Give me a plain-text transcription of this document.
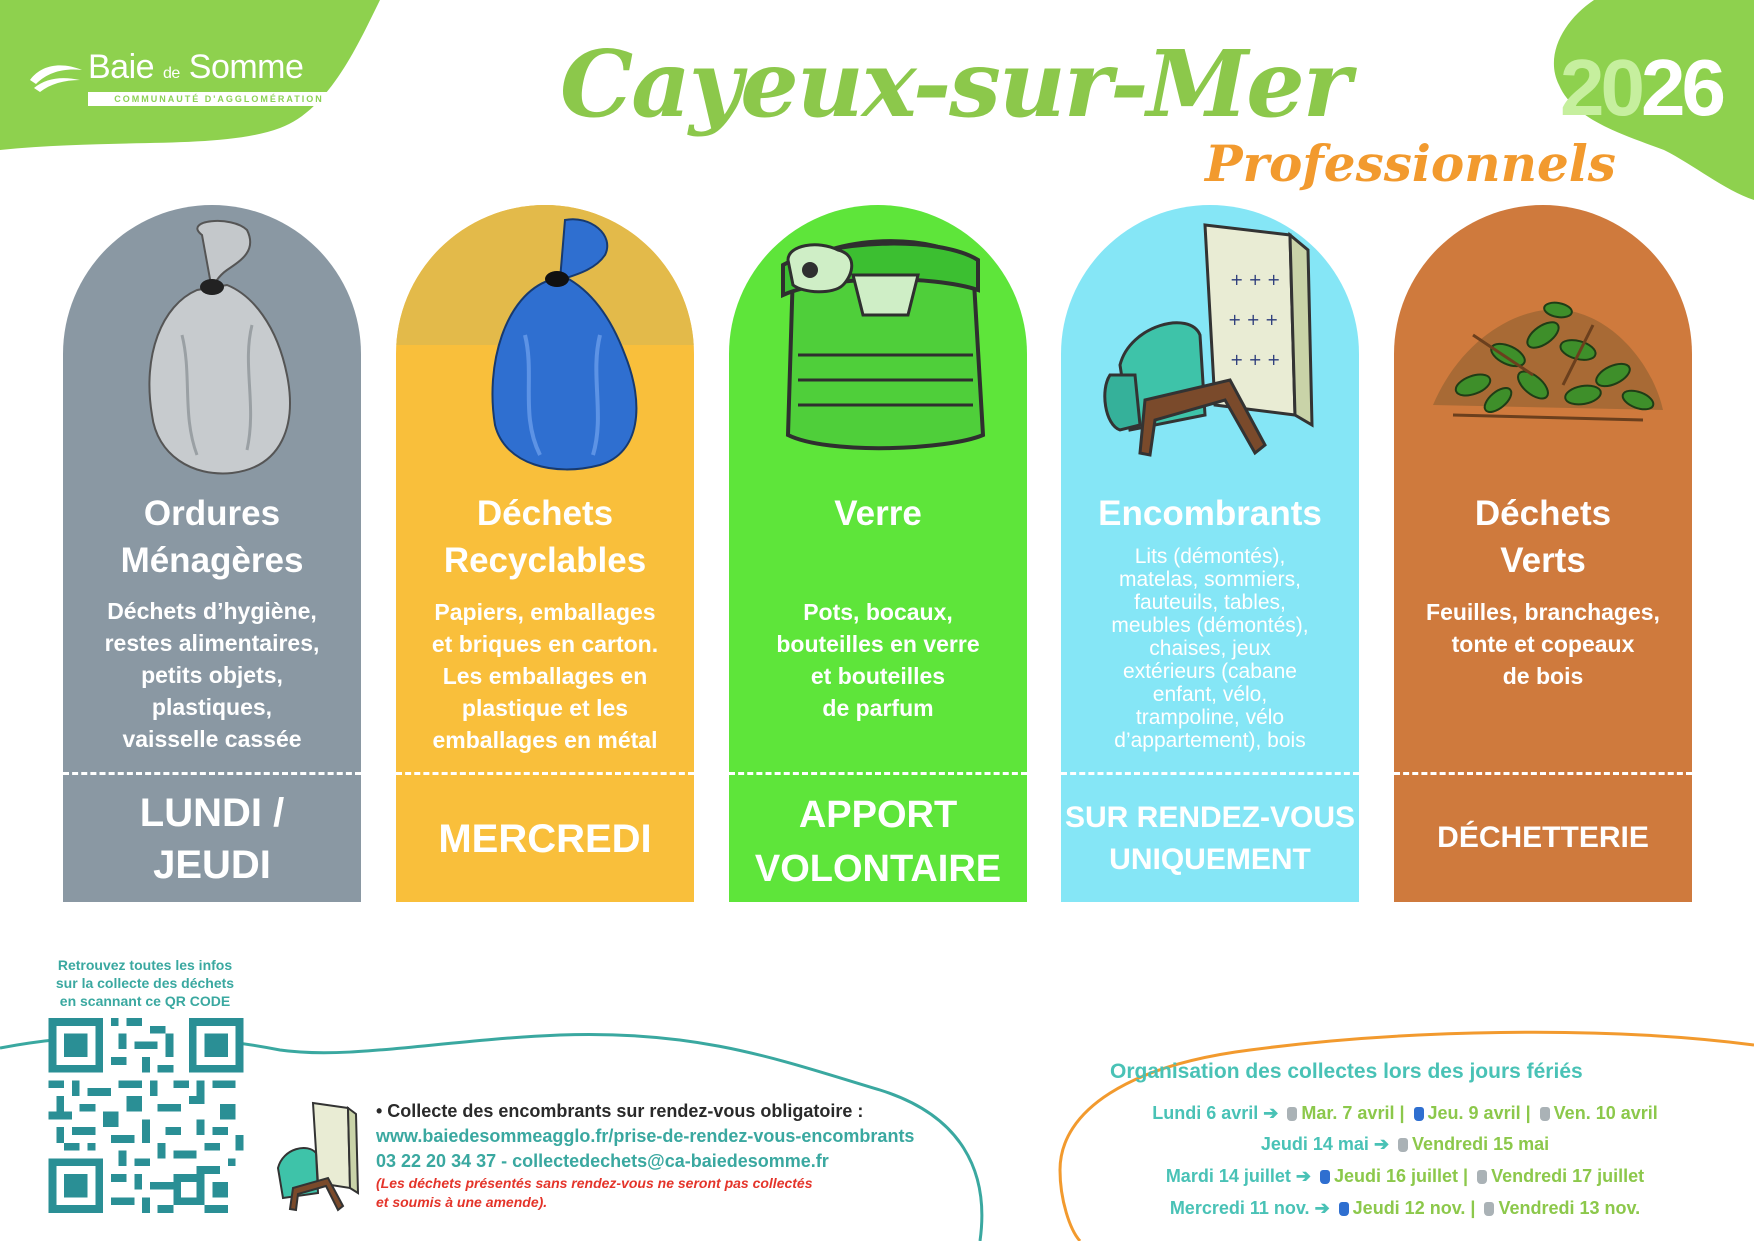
Baie de Somme
COMMUNAUTÉ D'AGGLOMÉRATION	Cayeux-sur-Mer
Professionnels
2026
Ordures
Ménagères
Déchets d’hygiène,
restes alimentaires,
petits objets,
plastiques,
vaisselle cassée
LUNDI /
JEUDI
Déchets
Recyclables
Papiers, emballages
et briques en carton.
Les emballages en
plastique et les
emballages en métal
MERCREDI
Verre
Pots, bocaux,
bouteilles en verre
et bouteilles
de parfum
APPORT
VOLONTAIRE
+ + +
+ + +
+ + +
Encombrants
Lits (démontés),
matelas, sommiers,
fauteuils, tables,
meubles (démontés),
chaises, jeux
extérieurs (cabane
enfant, vélo,
trampoline, vélo
d’appartement), bois
SUR RENDEZ-VOUS
UNIQUEMENT
Déchets
Verts
Feuilles, branchages,
tonte et copeaux
de bois
DÉCHETTERIE
Retrouvez toutes les infos
sur la collecte des déchets
en scannant ce QR CODE
• Collecte des encombrants sur rendez-vous obligatoire :
www.baiedesommeagglo.fr/prise-de-rendez-vous-encombrants
03 22 20 34 37 - collectedechets@ca-baiedesomme.fr
(Les déchets présentés sans rendez-vous ne seront pas collectés
et soumis à une amende).
Organisation des collectes lors des jours fériés
Lundi 6 avril ➔ Mar. 7 avril | Jeu. 9 avril | Ven. 10 avril
Jeudi 14 mai ➔ Vendredi 15 mai
Mardi 14 juillet ➔ Jeudi 16 juillet | Vendredi 17 juillet
Mercredi 11 nov. ➔ Jeudi 12 nov. | Vendredi 13 nov.
